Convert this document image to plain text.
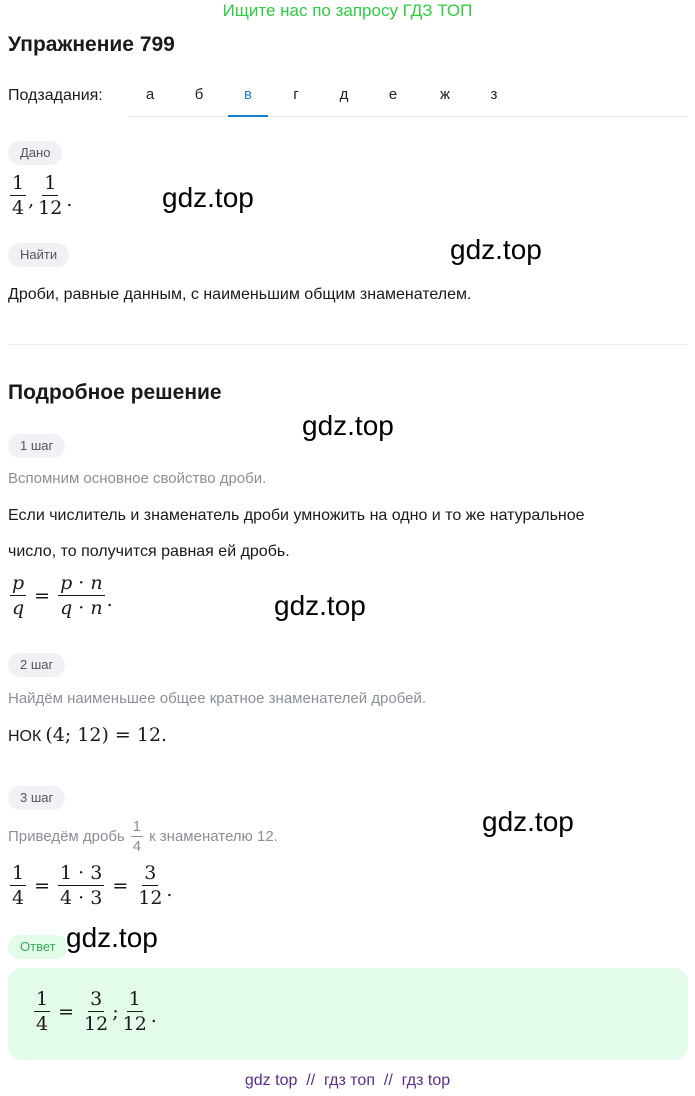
Ищите нас по запросу ГДЗ ТОП
Упражнение 799
Подзадания:	а	б	в	г	д	е	ж	з
Дано
$\frac{1}{4}$ , $\frac{1}{12}$ .
Найти
Дроби, равные данным, с наименьшим общим знаменателем.
Подробное решение
1 шаг
Вспомним основное свойство дроби.
Если числитель и знаменатель дроби умножить на одно и то же натуральное
число, то получится равная ей дробь.
$\frac{p}{q} = \frac{p \cdot n}{q \cdot n}$ .
2 шаг
Найдём наименьшее общее кратное знаменателей дробей.
НОК (4; 12) = 12.
3 шаг
Приведём дробь $\frac{1}{4}$ к знаменателю 12.
$\frac{1}{4} = \frac{1 \cdot 3}{4 \cdot 3} = \frac{3}{12}$ .
Ответ
$\frac{1}{4} = \frac{3}{12}$ ; $\frac{1}{12}$ .
gdz.top
gdz.top
gdz.top
gdz.top
gdz.top
gdz.top
gdz top  //  гдз топ  //  гдз top
